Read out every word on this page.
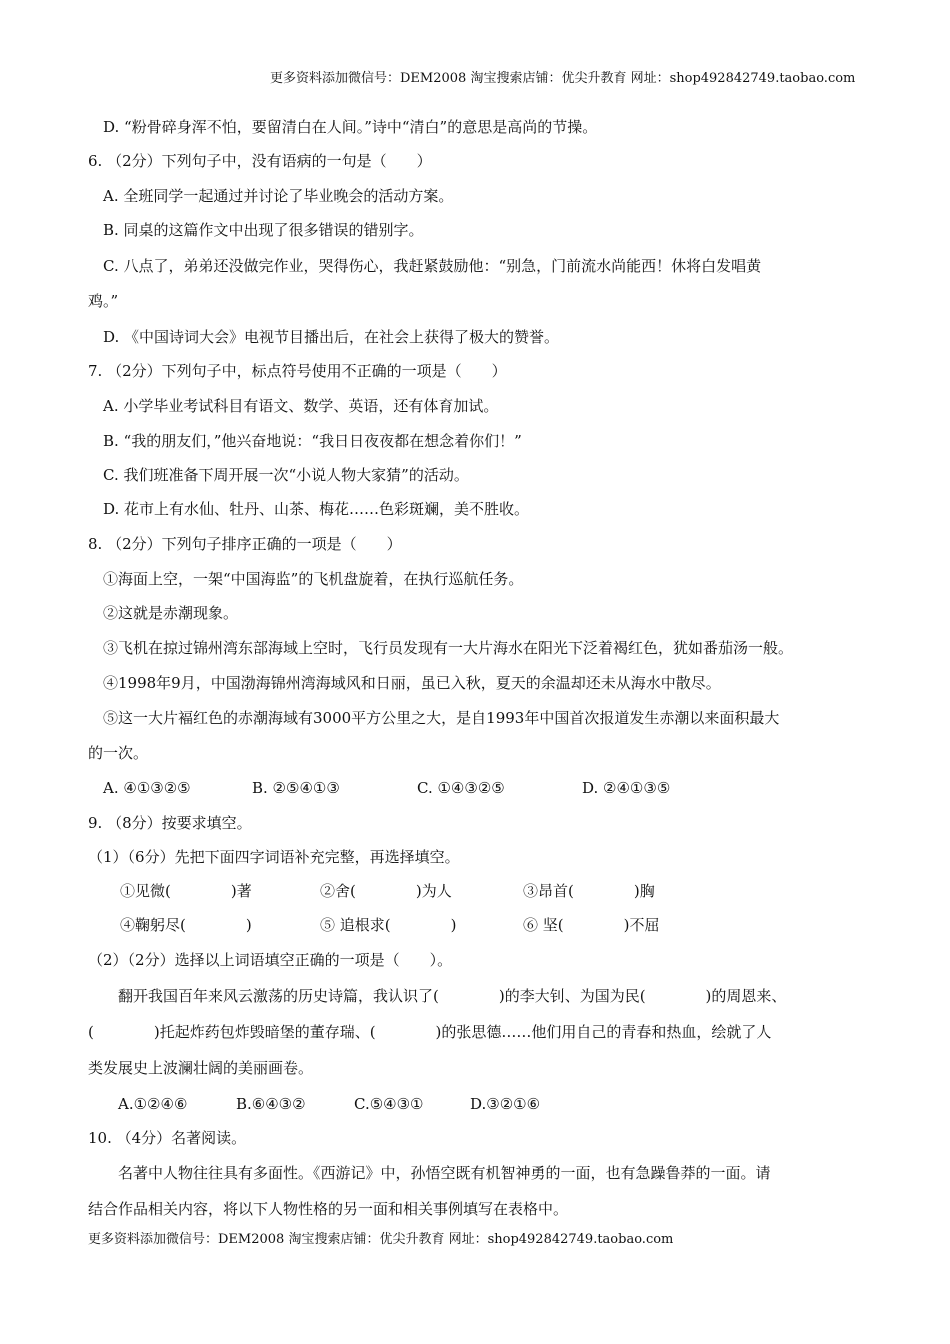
更多资料添加微信号：DEM2008 淘宝搜索店铺：优尖升教育 网址：shop492842749.taobao.com
D. “粉骨碎身浑不怕，要留清白在人间。”诗中“清白”的意思是高尚的节操。
6. （2分）下列句子中，没有语病的一句是（　　）
A. 全班同学一起通过并讨论了毕业晚会的活动方案。
B. 同桌的这篇作文中出现了很多错误的错别字。
C. 八点了，弟弟还没做完作业，哭得伤心，我赶紧鼓励他：“别急，门前流水尚能西！休将白发唱黄
鸡。”
D. 《中国诗词大会》电视节目播出后，在社会上获得了极大的赞誉。
7. （2分）下列句子中，标点符号使用不正确的一项是（　　）
A. 小学毕业考试科目有语文、数学、英语，还有体育加试。
B. “我的朋友们，”他兴奋地说：“我日日夜夜都在想念着你们！”
C. 我们班准备下周开展一次“小说人物大家猜”的活动。
D. 花市上有水仙、牡丹、山茶、梅花……色彩斑斓，美不胜收。
8. （2分）下列句子排序正确的一项是（　　）
①海面上空，一架“中国海监”的飞机盘旋着，在执行巡航任务。
②这就是赤潮现象。
③飞机在掠过锦州湾东部海域上空时，飞行员发现有一大片海水在阳光下泛着褐红色，犹如番茄汤一般。
④1998年9月，中国渤海锦州湾海域风和日丽，虽已入秋，夏天的余温却还未从海水中散尽。
⑤这一大片褔红色的赤潮海域有3000平方公里之大，是自1993年中国首次报道发生赤潮以来面积最大
的一次。
A. ④①③②⑤	B. ②⑤④①③	C. ①④③②⑤	D. ②④①③⑤
9. （8分）按要求填空。
（1）（6分）先把下面四字词语补充完整，再选择填空。
①见微(　　　　)著	②舍(　　　　)为人	③昂首(　　　　)胸
④鞠躬尽(　　　　)	⑤ 追根求(　　　　)	⑥ 坚(　　　　)不屈
（2）（2分）选择以上词语填空正确的一项是（　　）。
翻开我国百年来风云激荡的历史诗篇，我认识了(　　　　)的李大钊、为国为民(　　　　)的周恩来、
(　　　　)托起炸药包炸毁暗堡的董存瑞、(　　　　)的张思德……他们用自己的青春和热血，绘就了人
类发展史上波澜壮阔的美丽画卷。
A.①②④⑥	B.⑥④③②	C.⑤④③①	D.③②①⑥
10. （4分）名著阅读。
名著中人物往往具有多面性。《西游记》中，孙悟空既有机智神勇的一面，也有急躁鲁莽的一面。请
结合作品相关内容，将以下人物性格的另一面和相关事例填写在表格中。
更多资料添加微信号：DEM2008 淘宝搜索店铺：优尖升教育 网址：shop492842749.taobao.com
